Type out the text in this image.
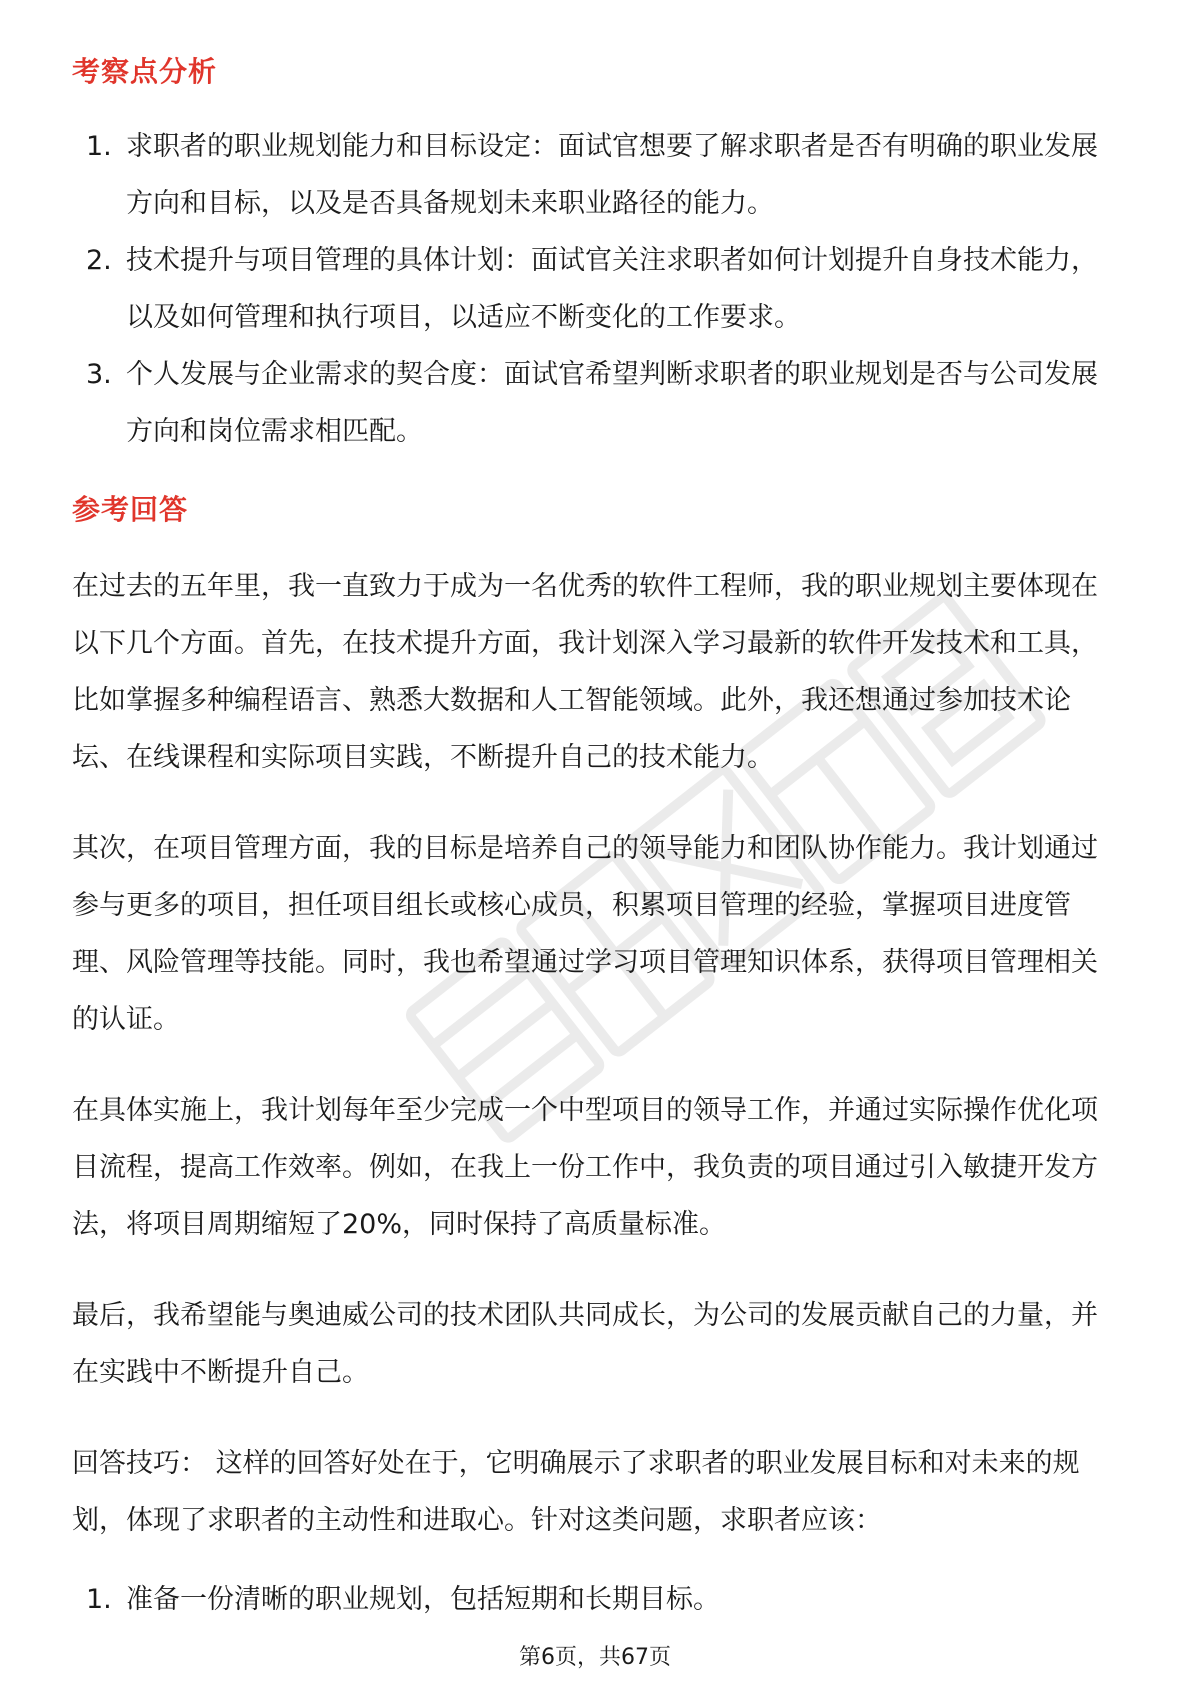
考察点分析
1. 求职者的职业规划能力和目标设定：面试官想要了解求职者是否有明确的职业发展方向和目标，以及是否具备规划未来职业路径的能力。
2. 技术提升与项目管理的具体计划：面试官关注求职者如何计划提升自身技术能力，以及如何管理和执行项目，以适应不断变化的工作要求。
3. 个人发展与企业需求的契合度：面试官希望判断求职者的职业规划是否与公司发展方向和岗位需求相匹配。
参考回答

在过去的五年里，我一直致力于成为一名优秀的软件工程师，我的职业规划主要体现在以下几个方面。首先，在技术提升方面，我计划深入学习最新的软件开发技术和工具，比如掌握多种编程语言、熟悉大数据和人工智能领域。此外，我还想通过参加技术论坛、在线课程和实际项目实践，不断提升自己的技术能力。

其次，在项目管理方面，我的目标是培养自己的领导能力和团队协作能力。我计划通过参与更多的项目，担任项目组长或核心成员，积累项目管理的经验，掌握项目进度管理、风险管理等技能。同时，我也希望通过学习项目管理知识体系，获得项目管理相关的认证。

在具体实施上，我计划每年至少完成一个中型项目的领导工作，并通过实际操作优化项目流程，提高工作效率。例如，在我上一份工作中，我负责的项目通过引入敏捷开发方法，将项目周期缩短了20%，同时保持了高质量标准。

最后，我希望能与奥迪威公司的技术团队共同成长，为公司的发展贡献自己的力量，并在实践中不断提升自己。

回答技巧： 这样的回答好处在于，它明确展示了求职者的职业发展目标和对未来的规划，体现了求职者的主动性和进取心。针对这类问题，求职者应该：

1. 准备一份清晰的职业规划，包括短期和长期目标。
第6页，共67页
